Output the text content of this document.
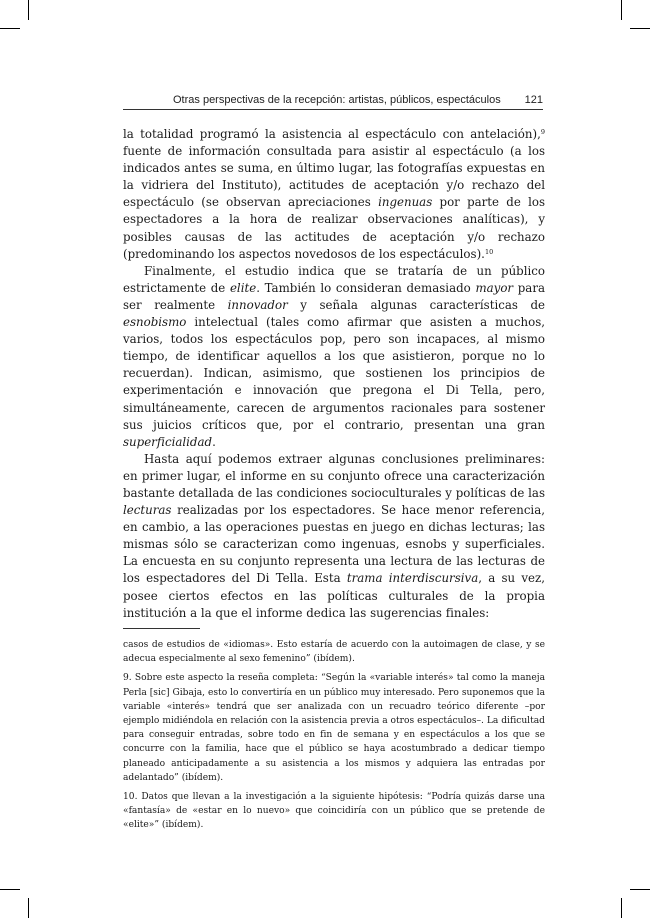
Otras perspectivas de la recepción: artistas, públicos, espectáculos 121

la totalidad programó la asistencia al espectáculo con antelación),$^9$ fuente de información consultada para asistir al espectáculo (a los indicados antes se suma, en último lugar, las fotografías expuestas en la vidriera del Instituto), actitudes de aceptación y/o rechazo del espectáculo (se observan apreciaciones ingenuas por parte de los espectadores a la hora de realizar observaciones analíticas), y posibles causas de las actitudes de aceptación y/o rechazo (predominando los aspectos novedosos de los espectáculos).$^{10}$

Finalmente, el estudio indica que se trataría de un público estrictamente de elite. También lo consideran demasiado mayor para ser realmente innovador y señala algunas características de esnobismo intelectual (tales como afirmar que asisten a muchos, varios, todos los espectáculos pop, pero son incapaces, al mismo tiempo, de identificar aquellos a los que asistieron, porque no lo recuerdan). Indican, asimismo, que sostienen los principios de experimentación e innovación que pregona el Di Tella, pero, simultáneamente, carecen de argumentos racionales para sostener sus juicios críticos que, por el contrario, presentan una gran superficialidad.

Hasta aquí podemos extraer algunas conclusiones preliminares: en primer lugar, el informe en su conjunto ofrece una caracterización bastante detallada de las condiciones socioculturales y políticas de las lecturas realizadas por los espectadores. Se hace menor referencia, en cambio, a las operaciones puestas en juego en dichas lecturas; las mismas sólo se caracterizan como ingenuas, esnobs y superficiales. La encuesta en su conjunto representa una lectura de las lecturas de los espectadores del Di Tella. Esta trama interdiscursiva, a su vez, posee ciertos efectos en las políticas culturales de la propia institución a la que el informe dedica las sugerencias finales:

casos de estudios de «idiomas». Esto estaría de acuerdo con la autoimagen de clase, y se adecua especialmente al sexo femenino” (ibídem).

9. Sobre este aspecto la reseña completa: “Según la «variable interés» tal como la maneja Perla [sic] Gibaja, esto lo convertiría en un público muy interesado. Pero suponemos que la variable «interés» tendrá que ser analizada con un recuadro teórico diferente –por ejemplo midiéndola en relación con la asistencia previa a otros espectáculos–. La dificultad para conseguir entradas, sobre todo en fin de semana y en espectáculos a los que se concurre con la familia, hace que el público se haya acostumbrado a dedicar tiempo planeado anticipadamente a su asistencia a los mismos y adquiera las entradas por adelantado” (ibídem).

10. Datos que llevan a la investigación a la siguiente hipótesis: “Podría quizás darse una «fantasía» de «estar en lo nuevo» que coincidiría con un público que se pretende de «elite»” (ibídem).
